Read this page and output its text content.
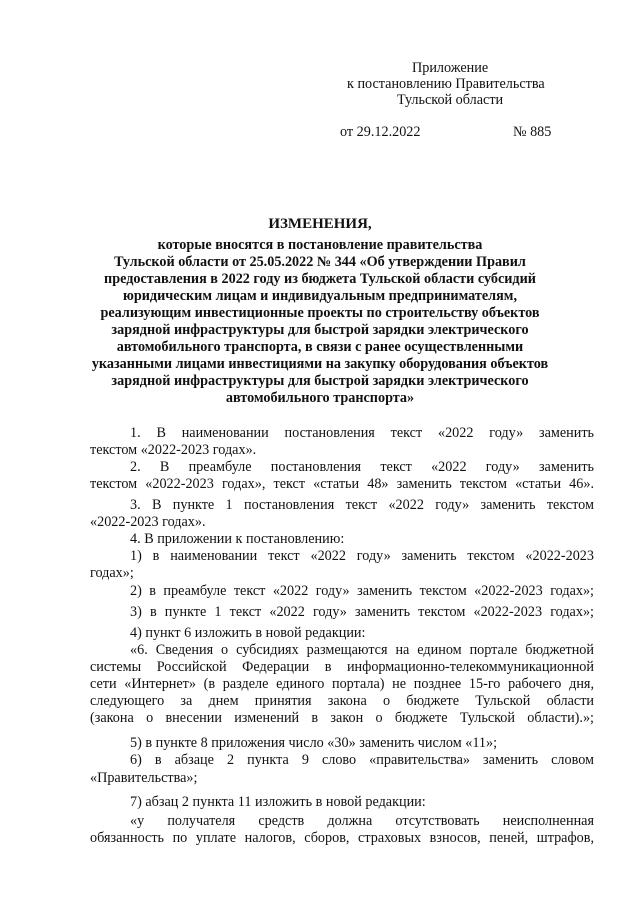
Приложение
к постановлению Правительства
Тульской области
от 29.12.2022	№ 885
ИЗМЕНЕНИЯ,
которые вносятся в постановление правительства
Тульской области от 25.05.2022 № 344 «Об утверждении Правил
предоставления в 2022 году из бюджета Тульской области субсидий
юридическим лицам и индивидуальным предпринимателям,
реализующим инвестиционные проекты по строительству объектов
зарядной инфраструктуры для быстрой зарядки электрического
автомобильного транспорта, в связи с ранее осуществленными
указанными лицами инвестициями на закупку оборудования объектов
зарядной инфраструктуры для быстрой зарядки электрического
автомобильного транспорта»
1. В наименовании постановления текст «2022 году» заменить
текстом «2022-2023 годах».
2. В преамбуле постановления текст «2022 году» заменить
текстом «2022-2023 годах», текст «статьи 48» заменить текстом «статьи 46».
3. В пункте 1 постановления текст «2022 году» заменить текстом
«2022-2023 годах».
4. В приложении к постановлению:
1) в наименовании текст «2022 году» заменить текстом «2022-2023
годах»;
2) в преамбуле текст «2022 году» заменить текстом «2022-2023 годах»;
3) в пункте 1 текст «2022 году» заменить текстом «2022-2023 годах»;
4) пункт 6 изложить в новой редакции:
«6. Сведения о субсидиях размещаются на едином портале бюджетной
системы Российской Федерации в информационно-телекоммуникационной
сети «Интернет» (в разделе единого портала) не позднее 15-го рабочего дня,
следующего за днем принятия закона о бюджете Тульской области
(закона о внесении изменений в закон о бюджете Тульской области).»;
5) в пункте 8 приложения число «30» заменить числом «11»;
6) в абзаце 2 пункта 9 слово «правительства» заменить словом
«Правительства»;
7) абзац 2 пункта 11 изложить в новой редакции:
«у получателя средств должна отсутствовать неисполненная
обязанность по уплате налогов, сборов, страховых взносов, пеней, штрафов,
